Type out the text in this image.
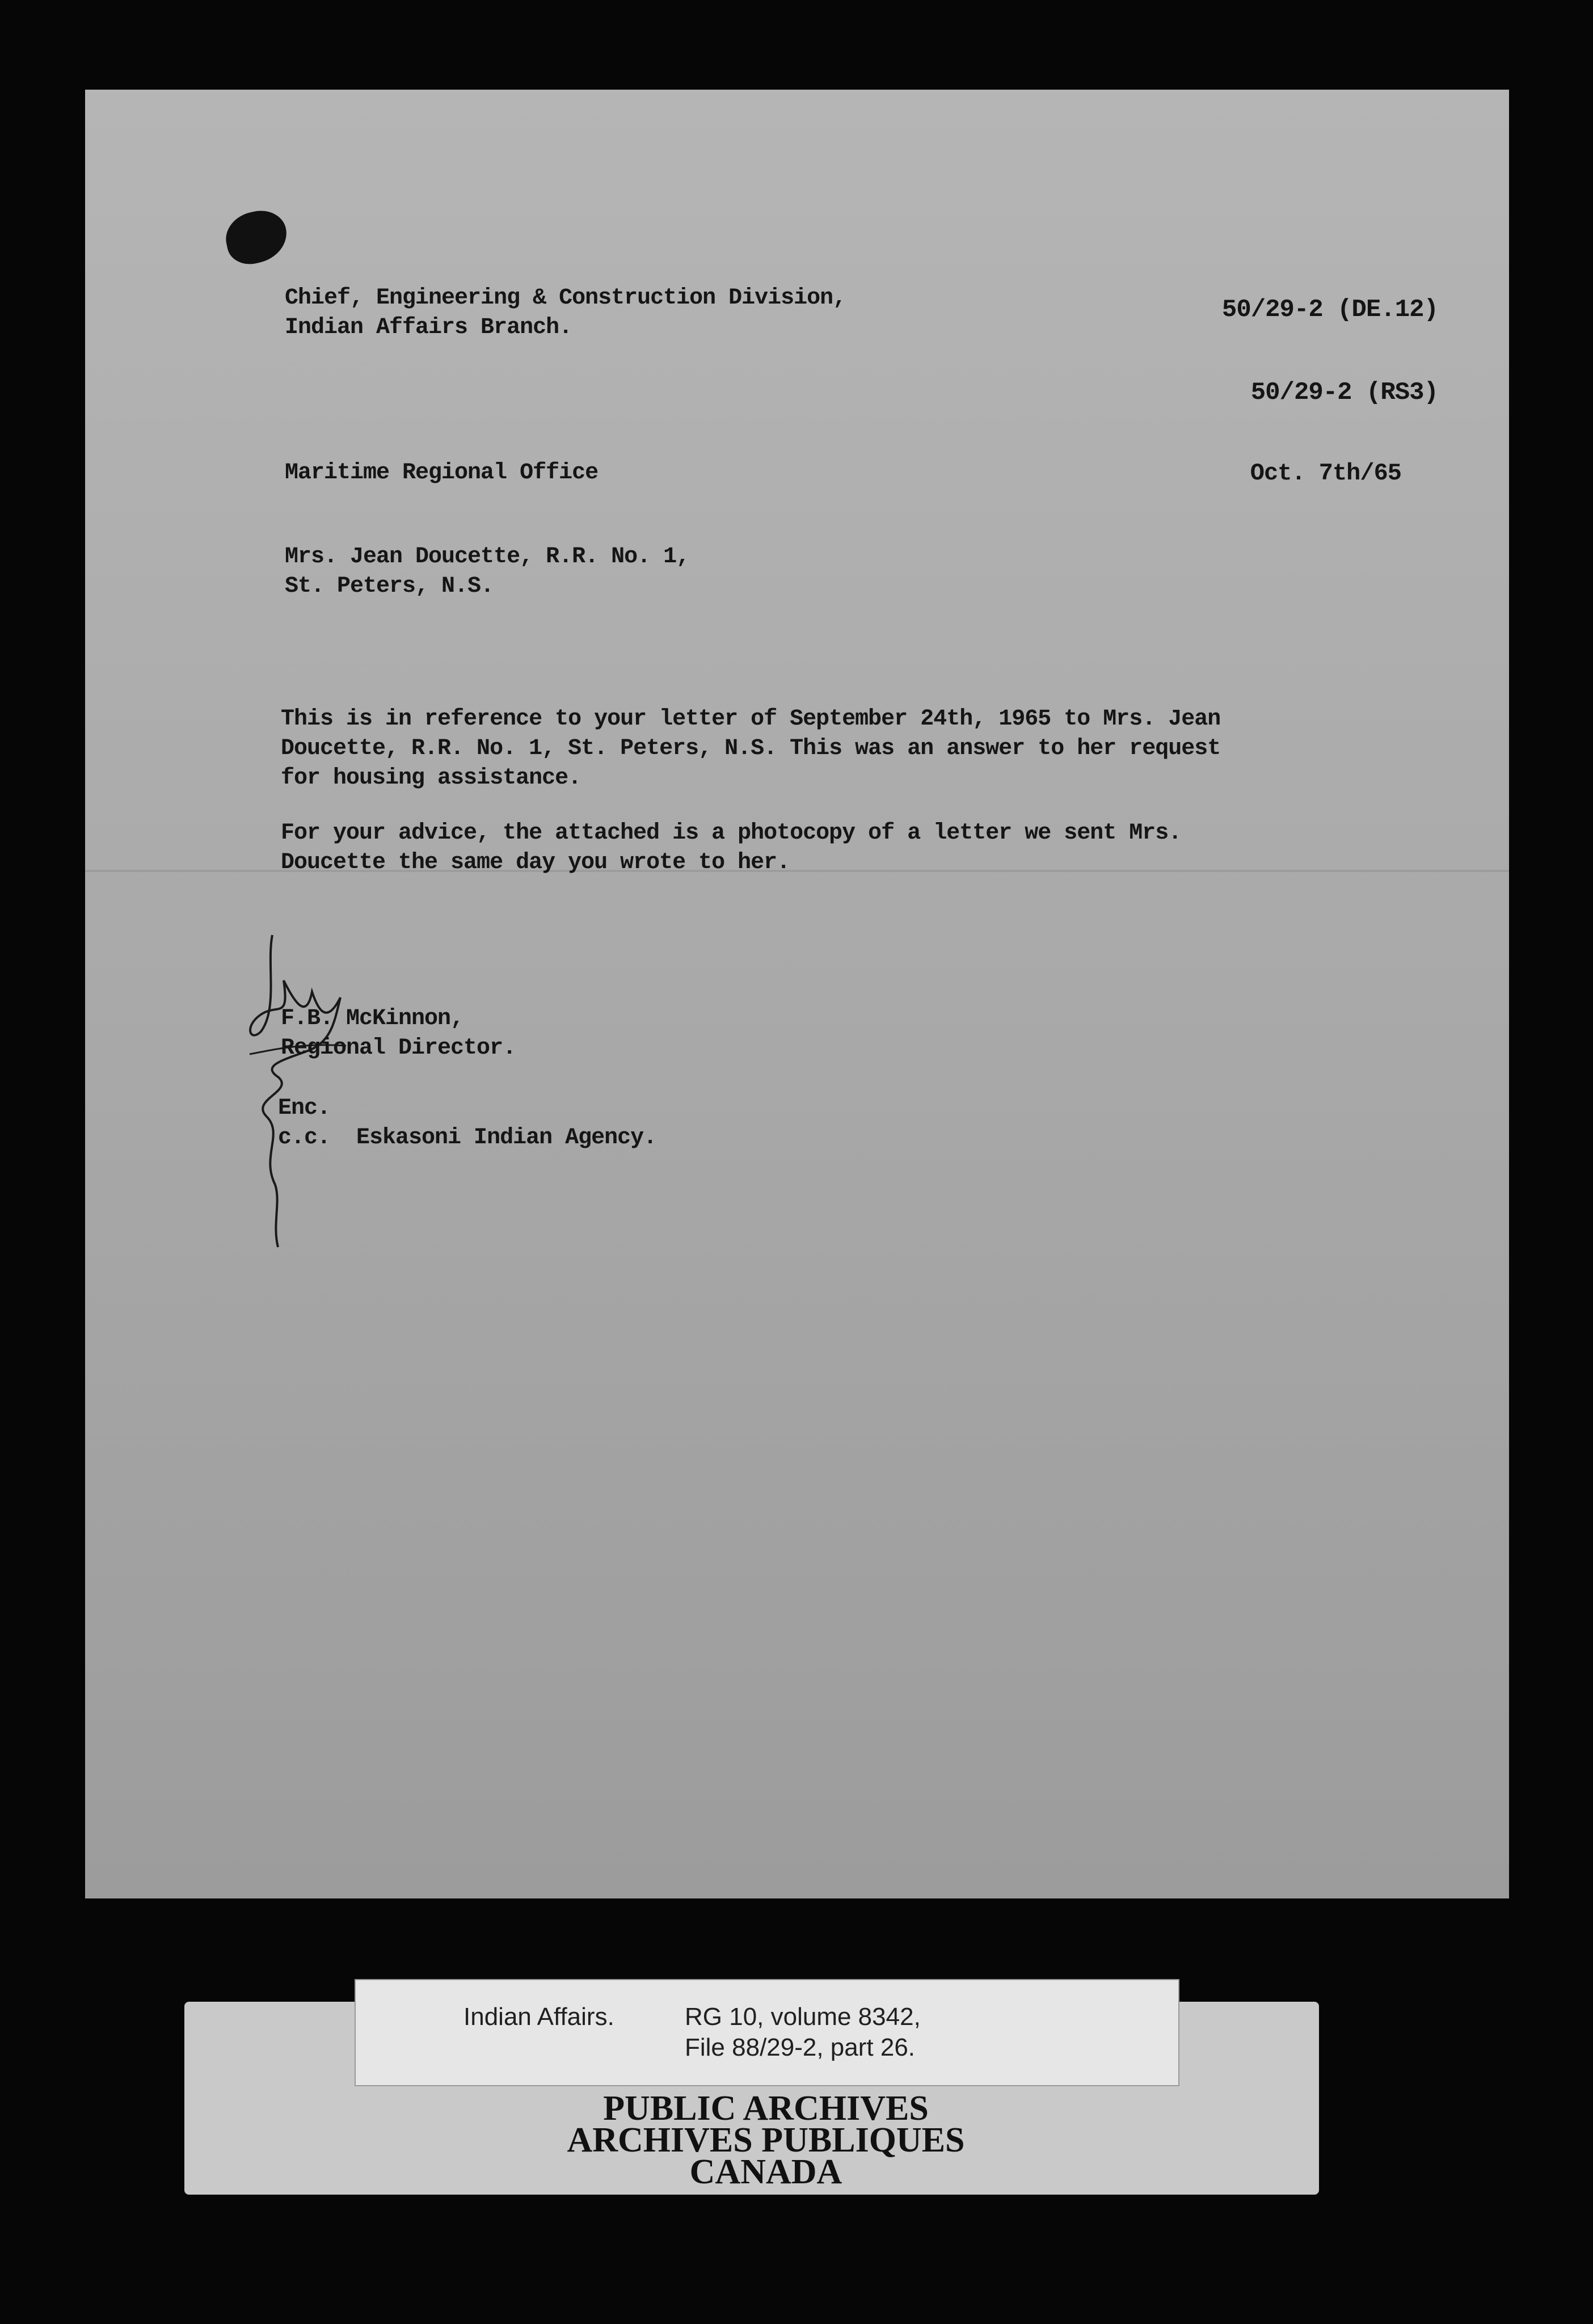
Chief, Engineering & Construction Division,
Indian Affairs Branch.
50/29-2 (DE.12)
50/29-2 (RS3)
Maritime Regional Office	Oct. 7th/65
Mrs. Jean Doucette, R.R. No. 1,
St. Peters, N.S.
This is in reference to your letter of September 24th, 1965 to Mrs. Jean Doucette, R.R. No. 1, St. Peters, N.S. This was an answer to her request for housing assistance.
For your advice, the attached is a photocopy of a letter we sent Mrs. Doucette the same day you wrote to her.
F.B. McKinnon,
Regional Director.
Enc.
c.c.  Eskasoni Indian Agency.
Indian Affairs.	RG 10, volume 8342,
File 88/29-2, part 26.
PUBLIC ARCHIVES
ARCHIVES PUBLIQUES
CANADA
